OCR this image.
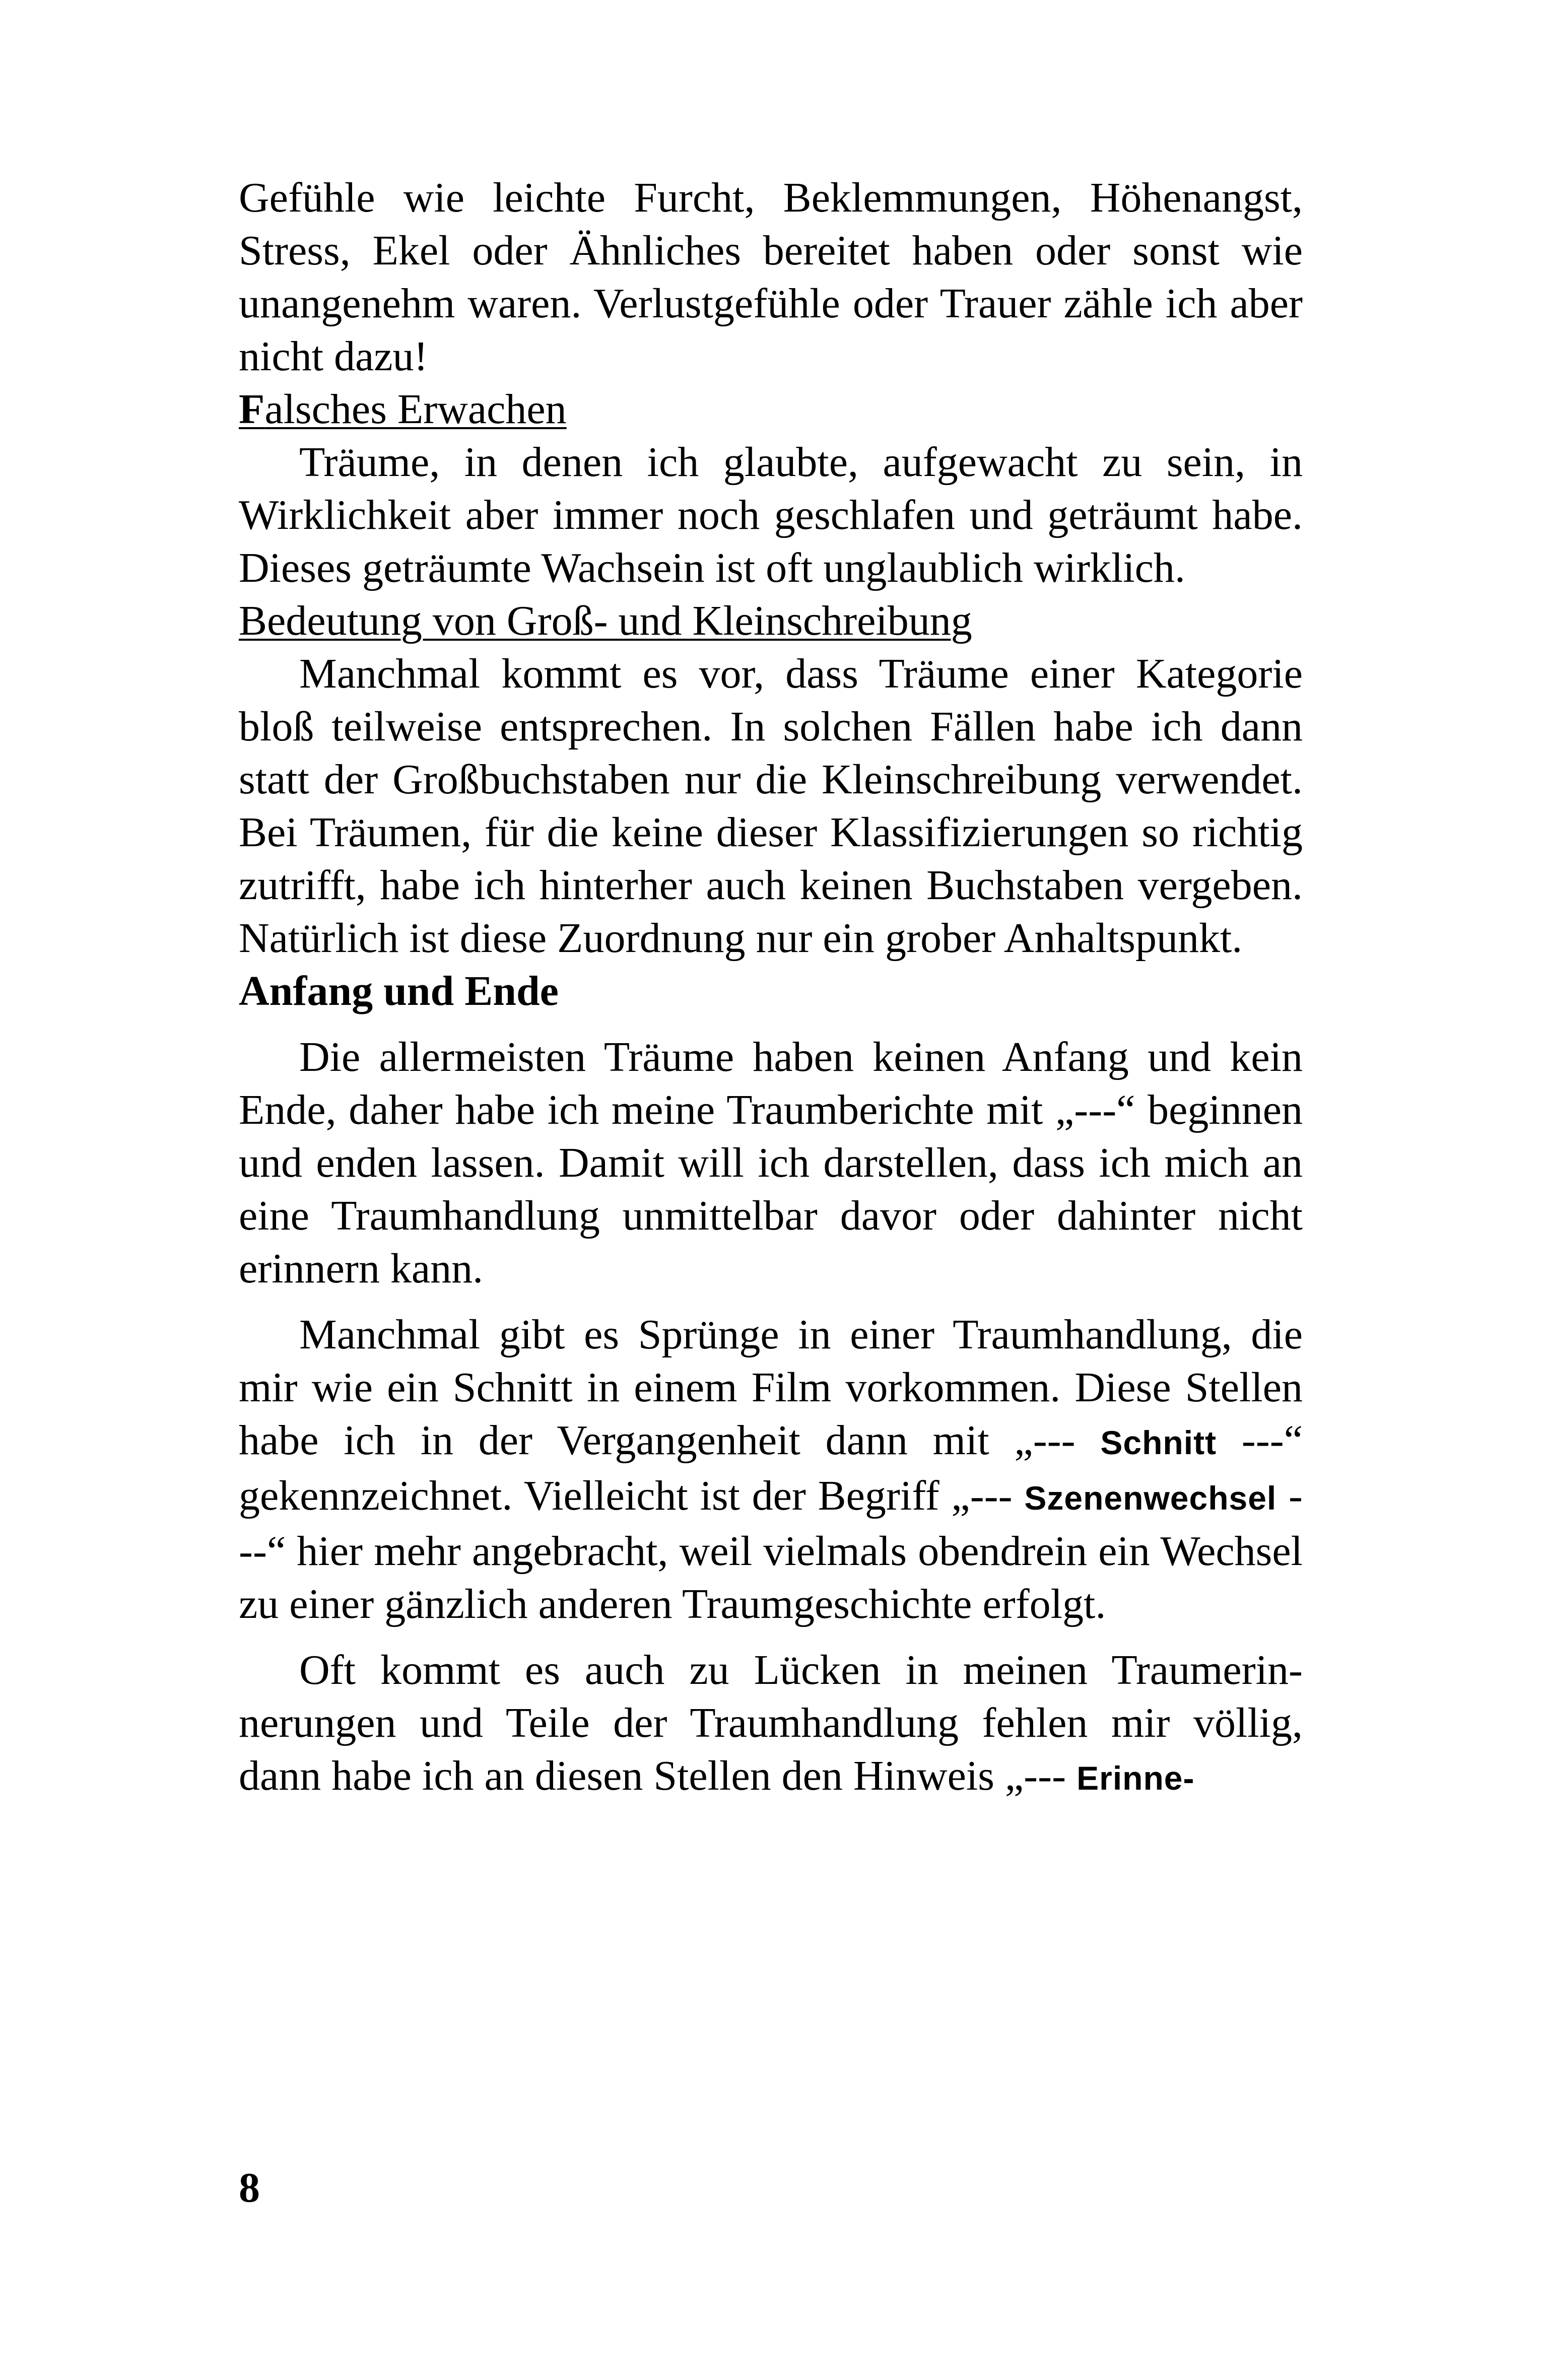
Gefühle wie leichte Furcht, Beklemmungen, Höhenangst, Stress, Ekel oder Ähnliches bereitet haben oder sonst wie unangenehm waren. Verlustgefühle oder Trauer zähle ich aber nicht dazu!

Falsches Erwachen

Träume, in denen ich glaubte, aufgewacht zu sein, in Wirklichkeit aber immer noch geschlafen und geträumt habe. Dieses geträumte Wachsein ist oft unglaublich wirklich.

Bedeutung von Groß- und Kleinschreibung

Manchmal kommt es vor, dass Träume einer Kategorie bloß teilweise entsprechen. In solchen Fällen habe ich dann statt der Großbuchstaben nur die Kleinschreibung verwendet. Bei Träumen, für die keine dieser Klassifizierungen so richtig zutrifft, habe ich hinterher auch keinen Buchstaben vergeben. Natürlich ist diese Zuordnung nur ein grober Anhaltspunkt.

Anfang und Ende

Die allermeisten Träume haben keinen Anfang und kein Ende, daher habe ich meine Traumberichte mit „---“ beginnen und enden lassen. Damit will ich darstellen, dass ich mich an eine Traumhandlung unmittelbar davor oder dahinter nicht erinnern kann.

Manchmal gibt es Sprünge in einer Traumhandlung, die mir wie ein Schnitt in einem Film vorkommen. Diese Stellen habe ich in der Vergangenheit dann mit „--- Schnitt ---“ gekennzeichnet. Vielleicht ist der Begriff „--- Szenenwechsel ---“ hier mehr angebracht, weil vielmals obendrein ein Wechsel zu einer gänzlich anderen Traumgeschichte erfolgt.

Oft kommt es auch zu Lücken in meinen Traumerinnerungen und Teile der Traumhandlung fehlen mir völlig, dann habe ich an diesen Stellen den Hinweis „--- Erinne-

8
